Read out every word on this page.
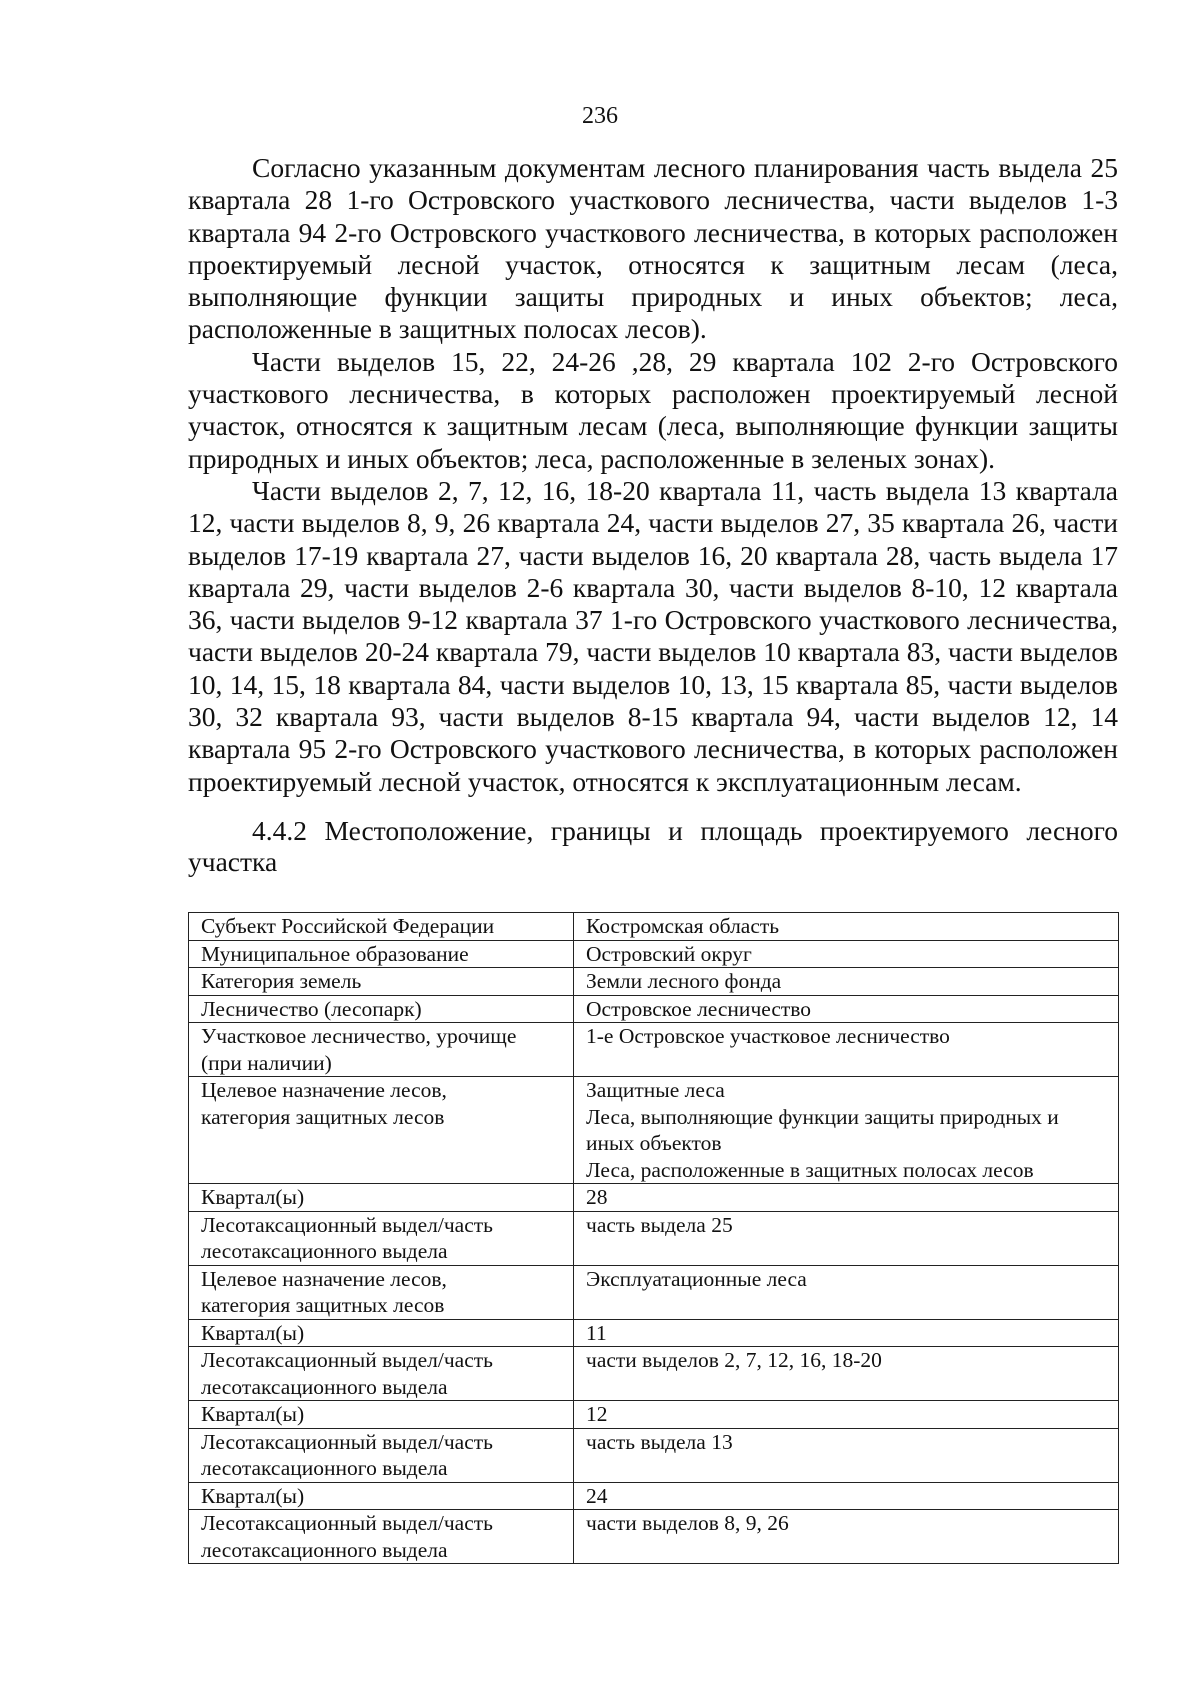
236

Согласно указанным документам лесного планирования часть выдела 25 квартала 28 1-го Островского участкового лесничества, части выделов 1-3 квартала 94 2-го Островского участкового лесничества, в которых расположен проектируемый лесной участок, относятся к защитным лесам (леса, выполняющие функции защиты природных и иных объектов; леса, расположенные в защитных полосах лесов).

Части выделов 15, 22, 24-26 ,28, 29 квартала 102 2-го Островского участкового лесничества, в которых расположен проектируемый лесной участок, относятся к защитным лесам (леса, выполняющие функции защиты природных и иных объектов; леса, расположенные в зеленых зонах).

Части выделов 2, 7, 12, 16, 18-20 квартала 11, часть выдела 13 квартала 12, части выделов 8, 9, 26 квартала 24, части выделов 27, 35 квартала 26, части выделов 17-19 квартала 27, части выделов 16, 20 квартала 28, часть выдела 17 квартала 29, части выделов 2-6 квартала 30, части выделов 8-10, 12 квартала 36, части выделов 9-12 квартала 37 1-го Островского участкового лесничества, части выделов 20-24 квартала 79, части выделов 10 квартала 83, части выделов 10, 14, 15, 18 квартала 84, части выделов 10, 13, 15 квартала 85, части выделов 30, 32 квартала 93, части выделов 8-15 квартала 94, части выделов 12, 14 квартала 95 2-го Островского участкового лесничества, в которых расположен проектируемый лесной участок, относятся к эксплуатационным лесам.

4.4.2 Местоположение, границы и площадь проектируемого лесного участка

Субъект Российской Федерации	Костромская область

Муниципальное образование	Островский округ

Категория земель	Земли лесного фонда

Лесничество (лесопарк)	Островское лесничество

Участковое лесничество, урочище
(при наличии)	1-е Островское участковое лесничество

Целевое назначение лесов,
категория защитных лесов	Защитные леса
Леса, выполняющие функции защиты природных и иных объектов
Леса, расположенные в защитных полосах лесов

Квартал(ы)	28

Лесотаксационный выдел/часть
лесотаксационного выдела	часть выдела 25

Целевое назначение лесов,
категория защитных лесов	Эксплуатационные леса

Квартал(ы)	11

Лесотаксационный выдел/часть
лесотаксационного выдела	части выделов 2, 7, 12, 16, 18-20

Квартал(ы)	12

Лесотаксационный выдел/часть
лесотаксационного выдела	часть выдела 13

Квартал(ы)	24

Лесотаксационный выдел/часть
лесотаксационного выдела	части выделов 8, 9, 26
